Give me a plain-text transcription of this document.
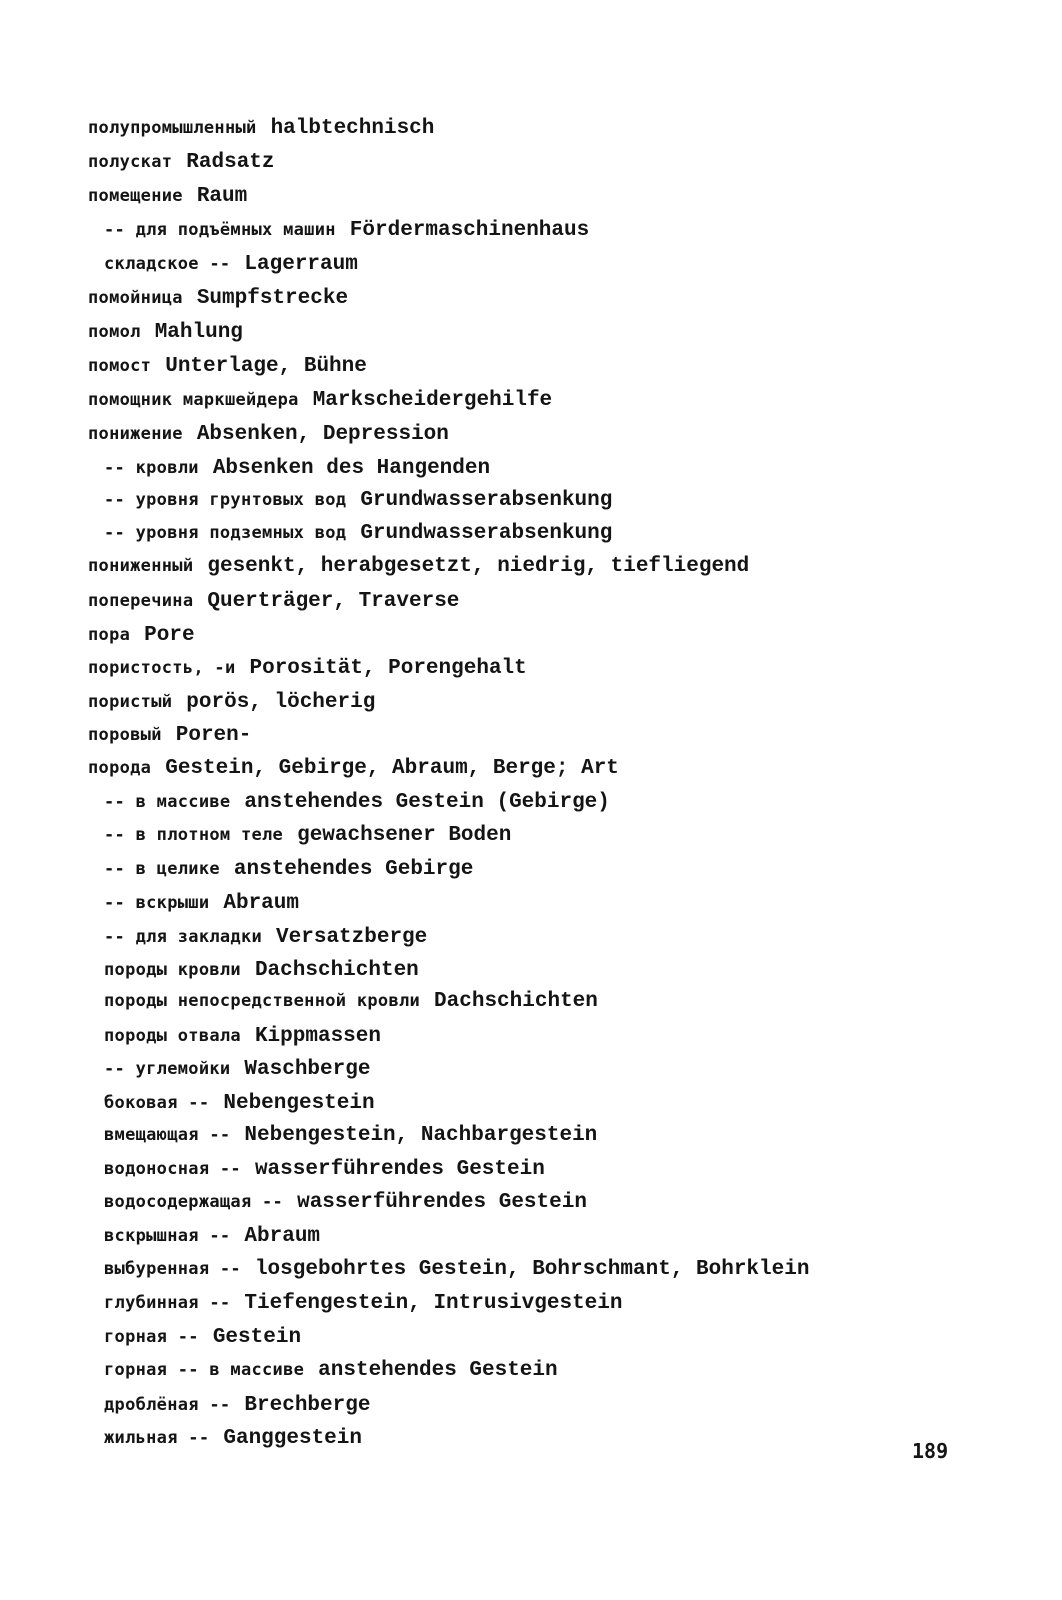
полупромышленный halbtechnisch
полускат Radsatz
помещение Raum
-- для подъёмных машин Fördermaschinenhaus
складское -- Lagerraum
помойница Sumpfstrecke
помол Mahlung
помост Unterlage, Bühne
помощник маркшейдера Markscheidergehilfe
понижение Absenken, Depression
-- кровли Absenken des Hangenden
-- уровня грунтовых вод Grundwasserabsenkung
-- уровня подземных вод Grundwasserabsenkung
пониженный gesenkt, herabgesetzt, niedrig, tiefliegend
поперечина Querträger, Traverse
пора Pore
пористость, -и Porosität, Porengehalt
пористый porös, löcherig
поровый Poren-
порода Gestein, Gebirge, Abraum, Berge; Art
-- в массиве anstehendes Gestein (Gebirge)
-- в плотном теле gewachsener Boden
-- в целике anstehendes Gebirge
-- вскрыши Abraum
-- для закладки Versatzberge
породы кровли Dachschichten
породы непосредственной кровли Dachschichten
породы отвала Kippmassen
-- углемойки Waschberge
боковая -- Nebengestein
вмещающая -- Nebengestein, Nachbargestein
водоносная -- wasserführendes Gestein
водосодержащая -- wasserführendes Gestein
вскрышная -- Abraum
выбуренная -- losgebohrtes Gestein, Bohrschmant, Bohrklein
глубинная -- Tiefengestein, Intrusivgestein
горная -- Gestein
горная -- в массиве anstehendes Gestein
дроблёная -- Brechberge
жильная -- Ganggestein
189
